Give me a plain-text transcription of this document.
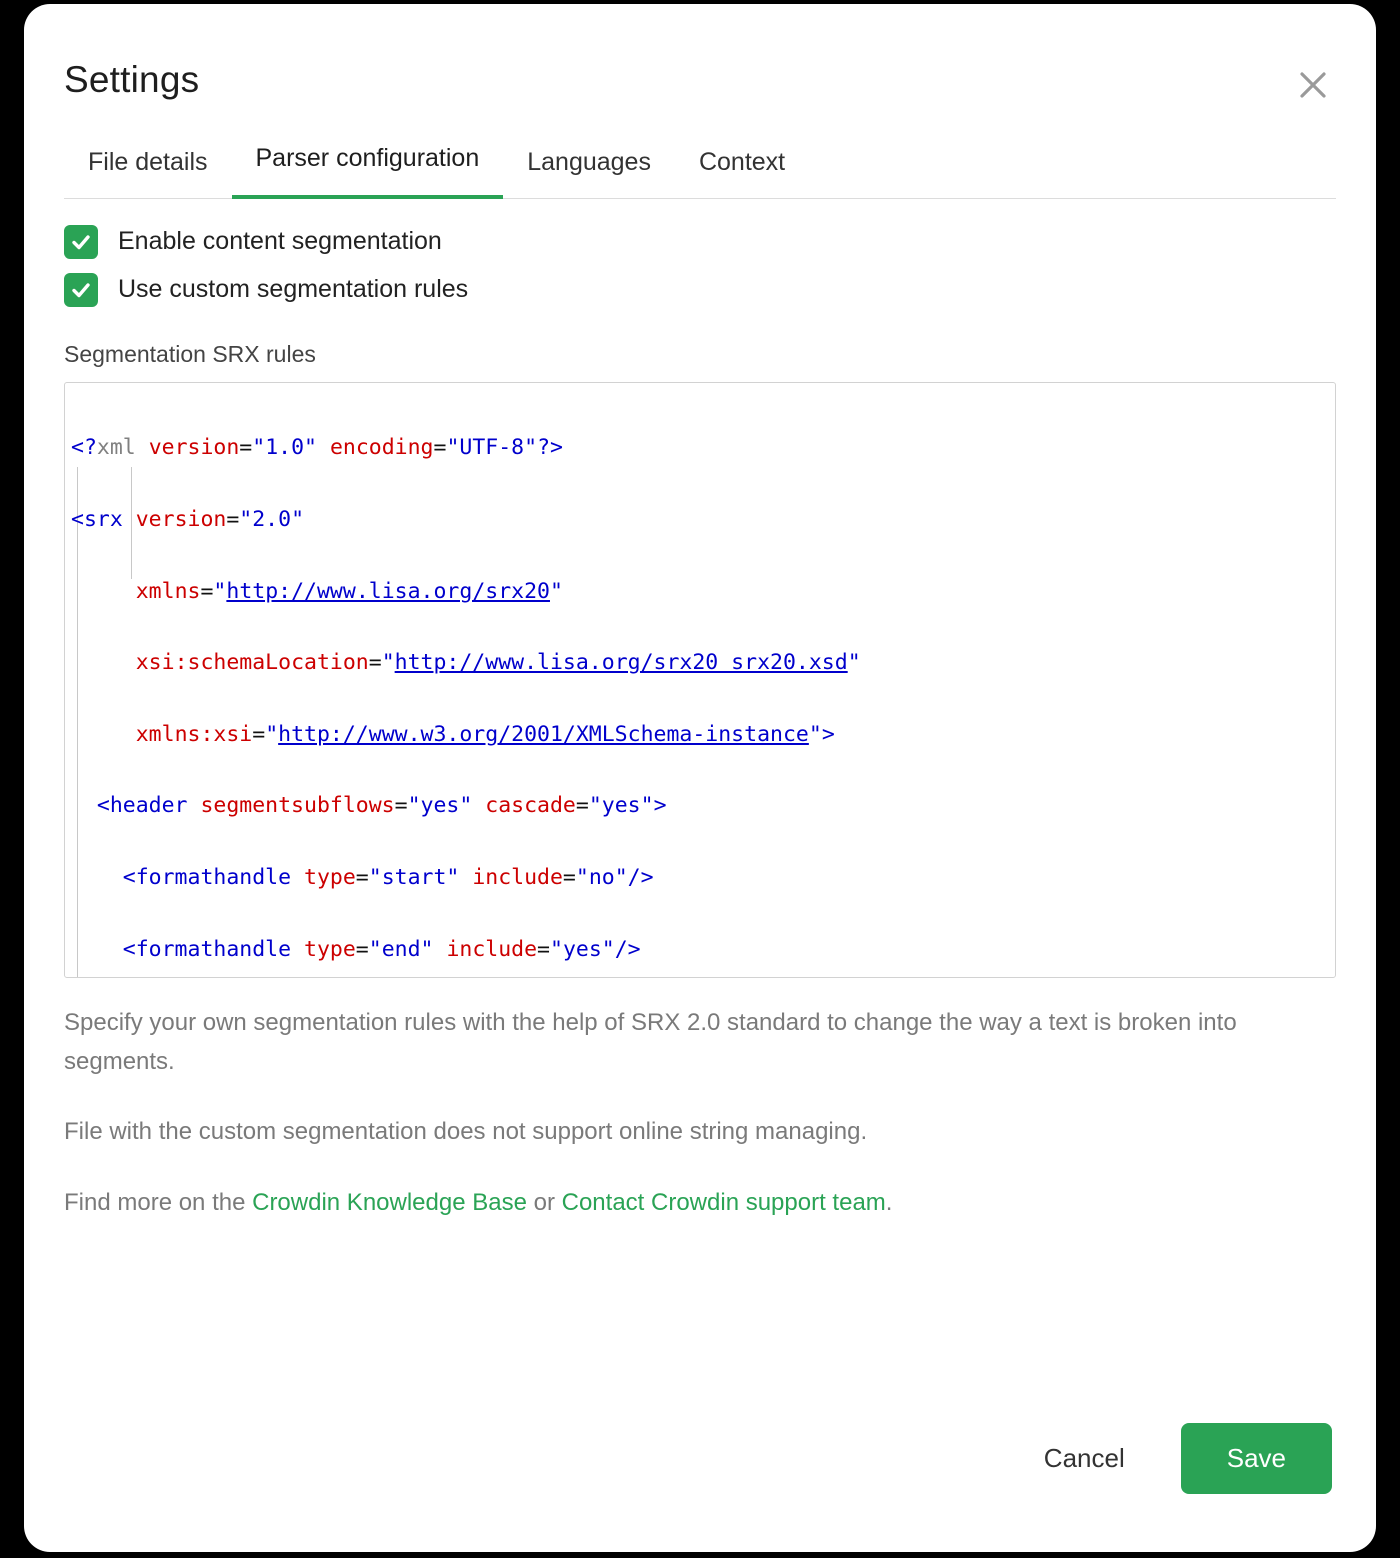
Settings
File details	Parser configuration	Languages	Context
Enable content segmentation
Use custom segmentation rules
Segmentation SRX rules

<?xml version="1.0" encoding="UTF-8"?>

<srx version="2.0"

xmlns="http://www.lisa.org/srx20"

xsi:schemaLocation="http://www.lisa.org/srx20 srx20.xsd"

xmlns:xsi="http://www.w3.org/2001/XMLSchema-instance">

<header segmentsubflows="yes" cascade="yes">

<formathandle type="start" include="no"/>

<formathandle type="end" include="yes"/>

Specify your own segmentation rules with the help of SRX 2.0 standard to change the way a text is broken into segments.
File with the custom segmentation does not support online string managing.
Find more on the Crowdin Knowledge Base or Contact Crowdin support team.
Cancel	Save
